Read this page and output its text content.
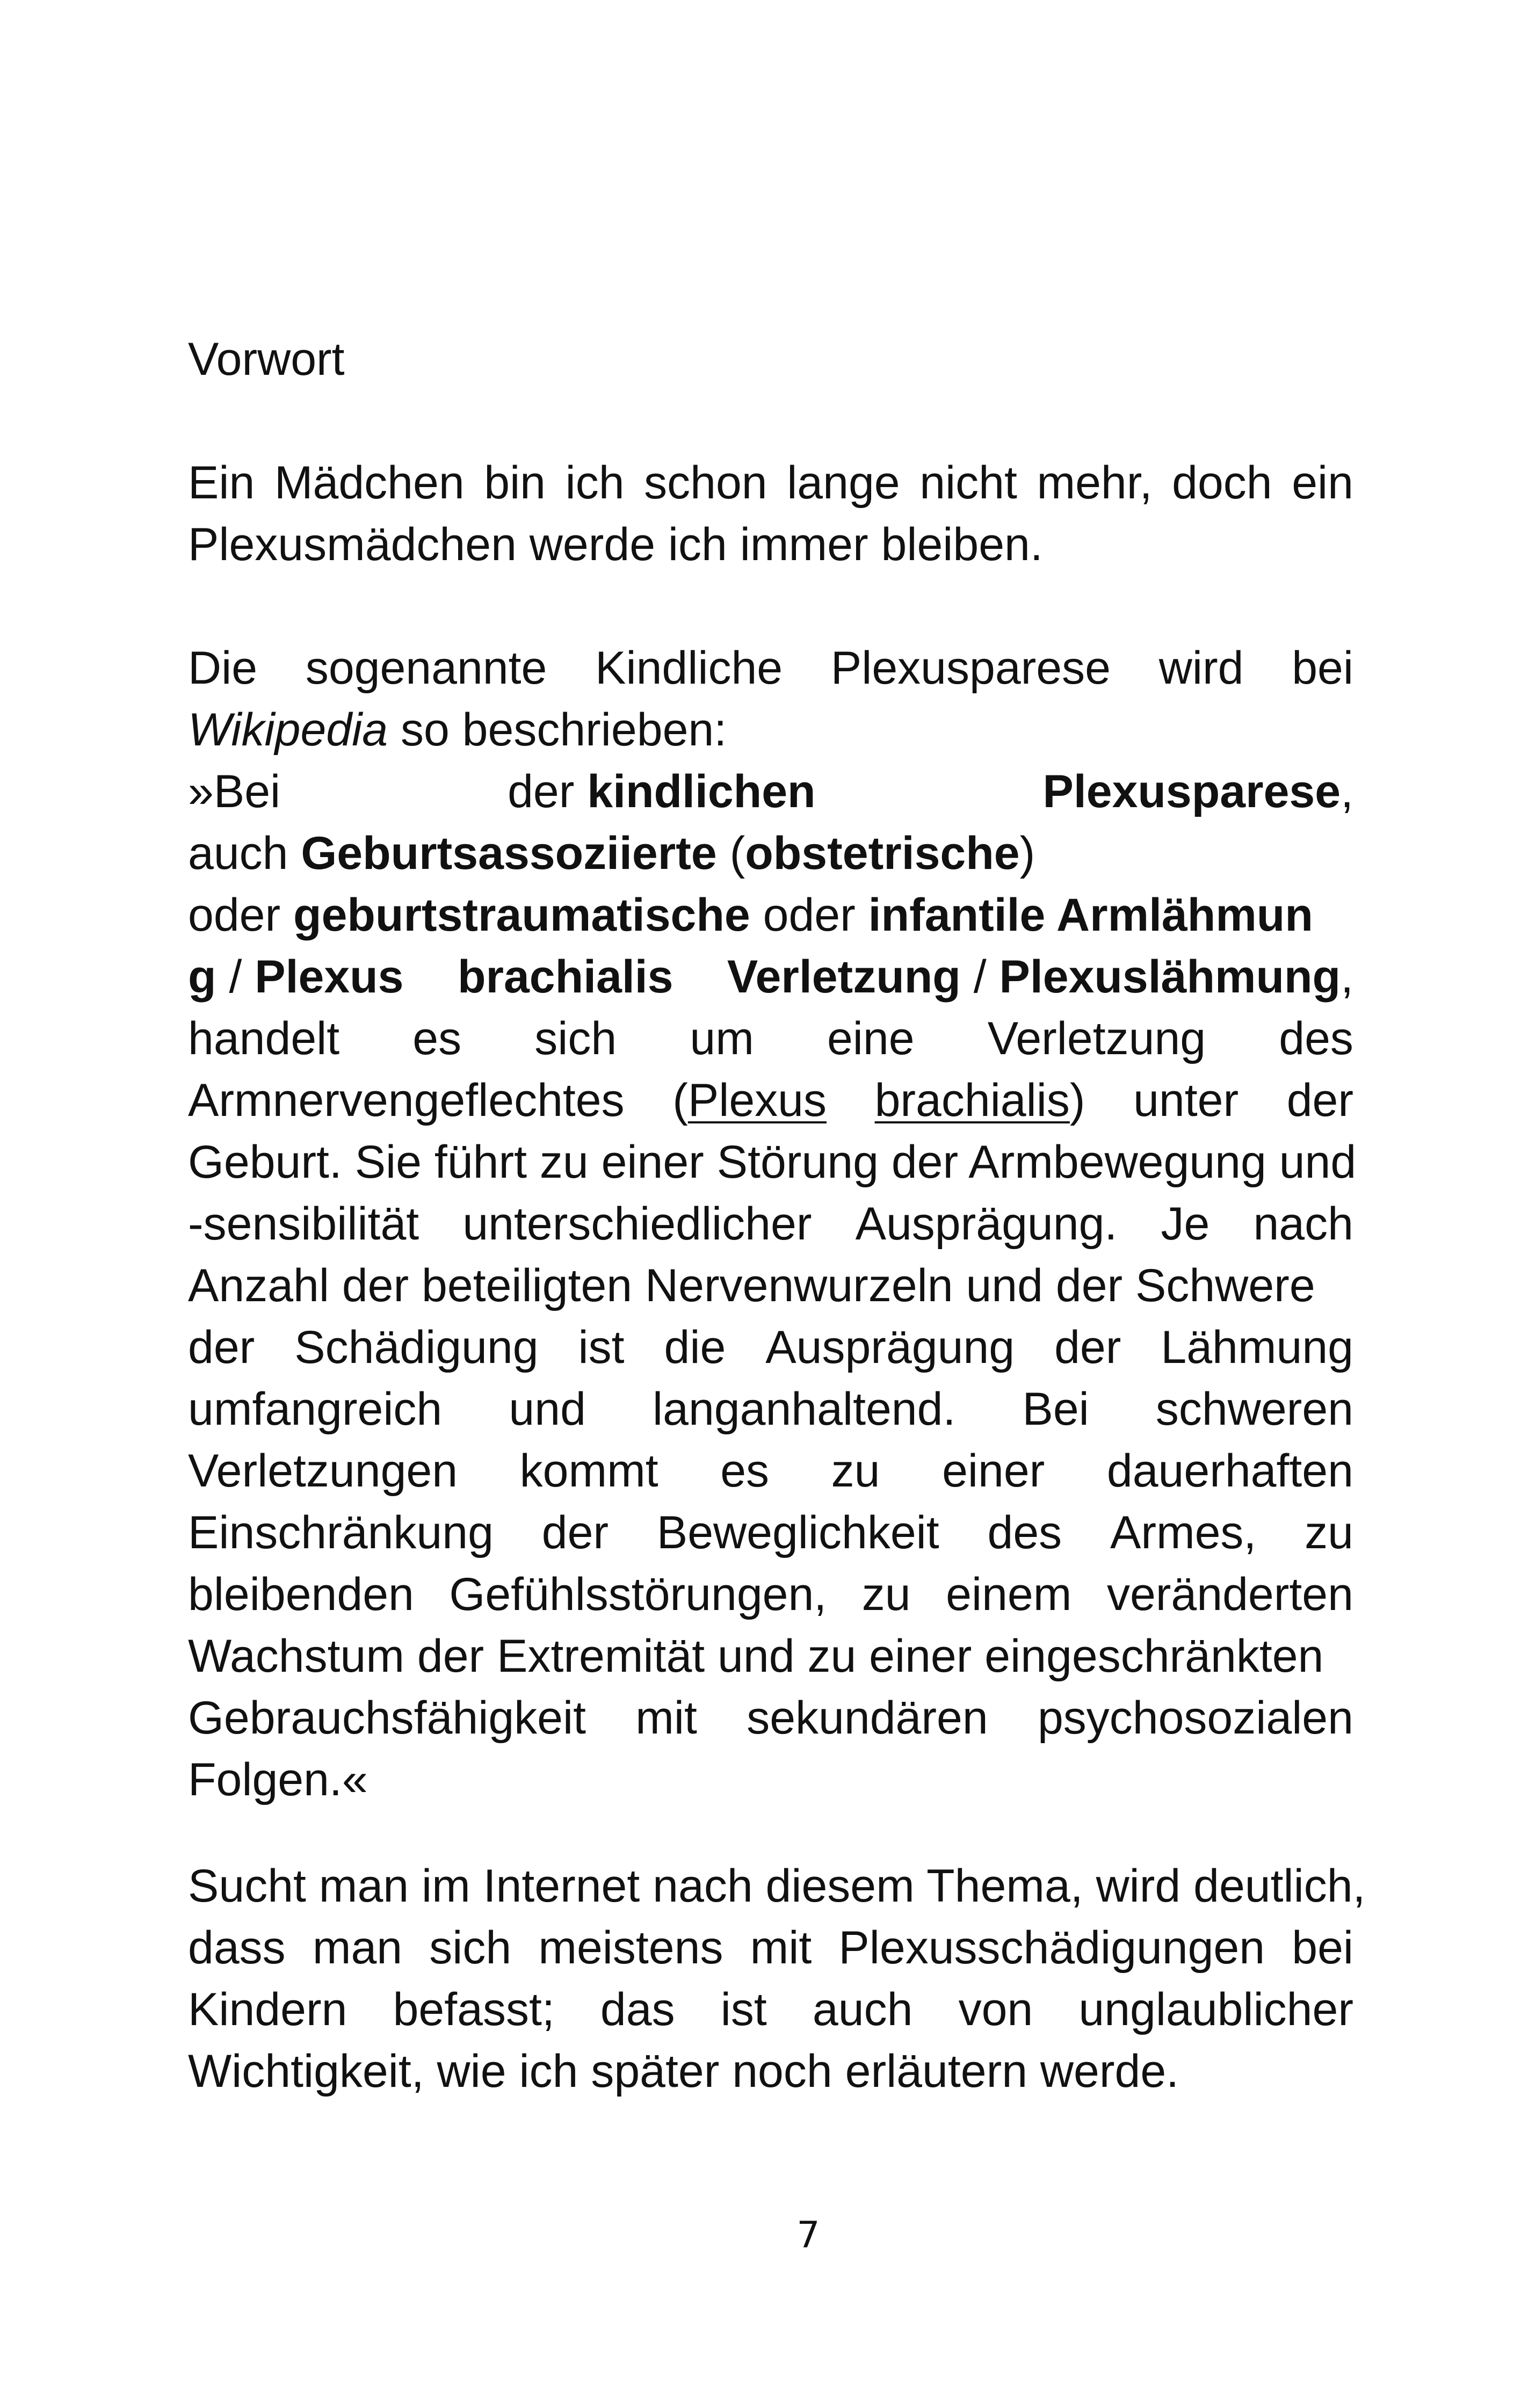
Vorwort
Ein Mädchen bin ich schon lange nicht mehr, doch ein
Plexusmädchen werde ich immer bleiben.
Die sogenannte Kindliche Plexusparese wird bei
Wikipedia so beschrieben:
»Bei	der kindlichen	Plexusparese,
auch Geburtsassoziierte (obstetrische)
oder geburtstraumatische oder infantile Armlähmun
g / Plexus brachialis Verletzung / Plexuslähmung,
handelt es sich um eine Verletzung des
Armnervengeflechtes (Plexus brachialis) unter der
Geburt. Sie führt zu einer Störung der Armbewegung und
-sensibilität unterschiedlicher Ausprägung. Je nach
Anzahl der beteiligten Nervenwurzeln und der Schwere
der Schädigung ist die Ausprägung der Lähmung
umfangreich und langanhaltend. Bei schweren
Verletzungen kommt es zu einer dauerhaften
Einschränkung der Beweglichkeit des Armes, zu
bleibenden Gefühlsstörungen, zu einem veränderten
Wachstum der Extremität und zu einer eingeschränkten
Gebrauchsfähigkeit mit sekundären psychosozialen
Folgen.«
Sucht man im Internet nach diesem Thema, wird deutlich,
dass man sich meistens mit Plexusschädigungen bei
Kindern befasst; das ist auch von unglaublicher
Wichtigkeit, wie ich später noch erläutern werde.
7
